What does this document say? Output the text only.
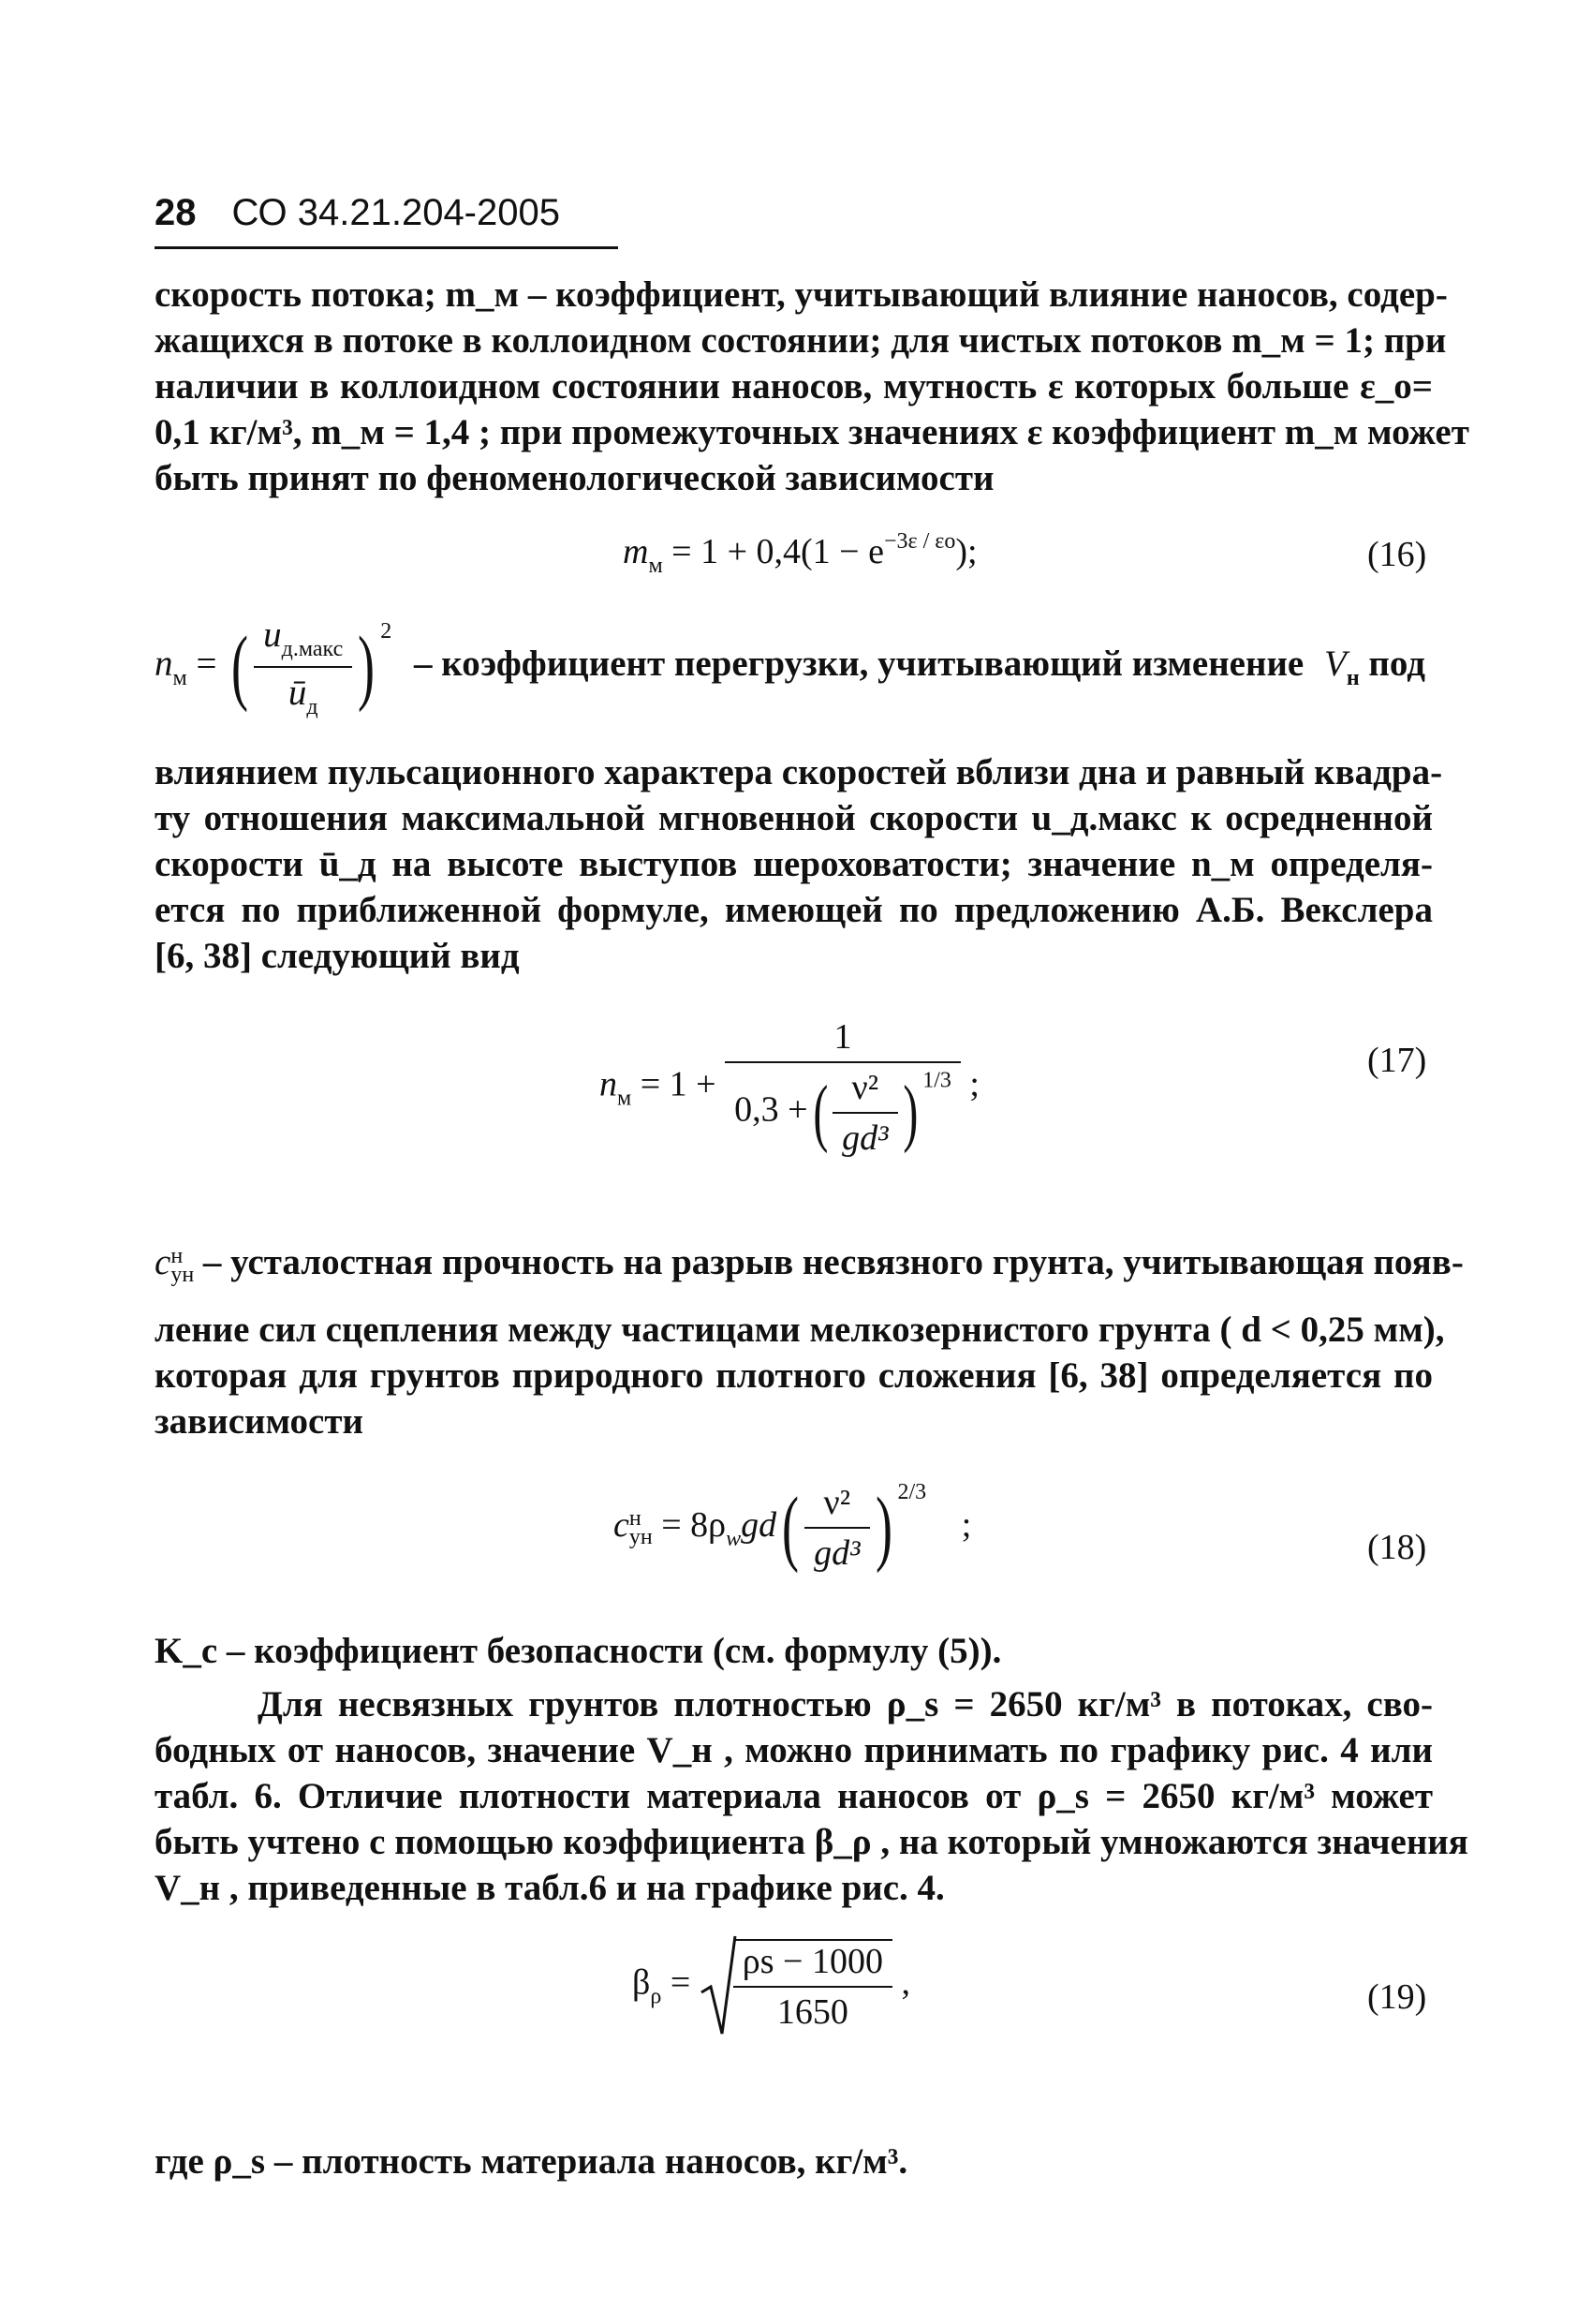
28 СО 34.21.204-2005
скорость потока; m_м – коэффициент, учитывающий влияние наносов, содер-
жащихся в потоке в коллоидном состоянии; для чистых потоков m_м = 1; при
наличии в коллоидном состоянии наносов, мутность ε которых больше ε_о=
0,1 кг/м³, m_м = 1,4 ; при промежуточных значениях ε коэффициент m_м может
быть принят по феноменологической зависимости
$m_м = 1 + 0,4(1 - e^{-3\varepsilon / \varepsilon о})$;	(16)
$n_м$ = ( $\frac{u_{д.макс}}{ū_д}$ ) $^2$ – коэффициент перегрузки, учитывающий изменение $V_н$ под
влиянием пульсационного характера скоростей вблизи дна и равный квадра-
ту отношения максимальной мгновенной скорости u_д.макс к осредненной
скорости ū_д на высоте выступов шероховатости; значение n_м определя-
ется по приближенной формуле, имеющей по предложению А.Б. Векслера
[6, 38] следующий вид
$n_м = 1 + \frac{1}{0,3 +( \frac{\text{ν²}}{\text{gd³}} ) ^{1/3}}$ ;
(17)
c н
ун – усталостная прочность на разрыв несвязного грунта, учитывающая появ-
ление сил сцепления между частицами мелкозернистого грунта ( d < 0,25 мм),
которая для грунтов природного плотного сложения [6, 38] определяется по
зависимости
c н
ун = $8\rho_wgd( \frac{\text{ν²}}{\text{gd³}}$ ) $^{2/3}$ ;
(18)
K_с – коэффициент безопасности (см. формулу (5)).
Для несвязных грунтов плотностью ρ_s = 2650 кг/м³ в потоках, сво-
бодных от наносов, значение V_н , можно принимать по графику рис. 4 или
табл. 6. Отличие плотности материала наносов от ρ_s = 2650 кг/м³ может
быть учтено с помощью коэффициента β_ρ , на который умножаются значения
V_н , приведенные в табл.6 и на графике рис. 4.
$\beta_\rho = \frac{\rho s - 1000}{1650}$ ,	(19)
где ρ_s – плотность материала наносов, кг/м³.
